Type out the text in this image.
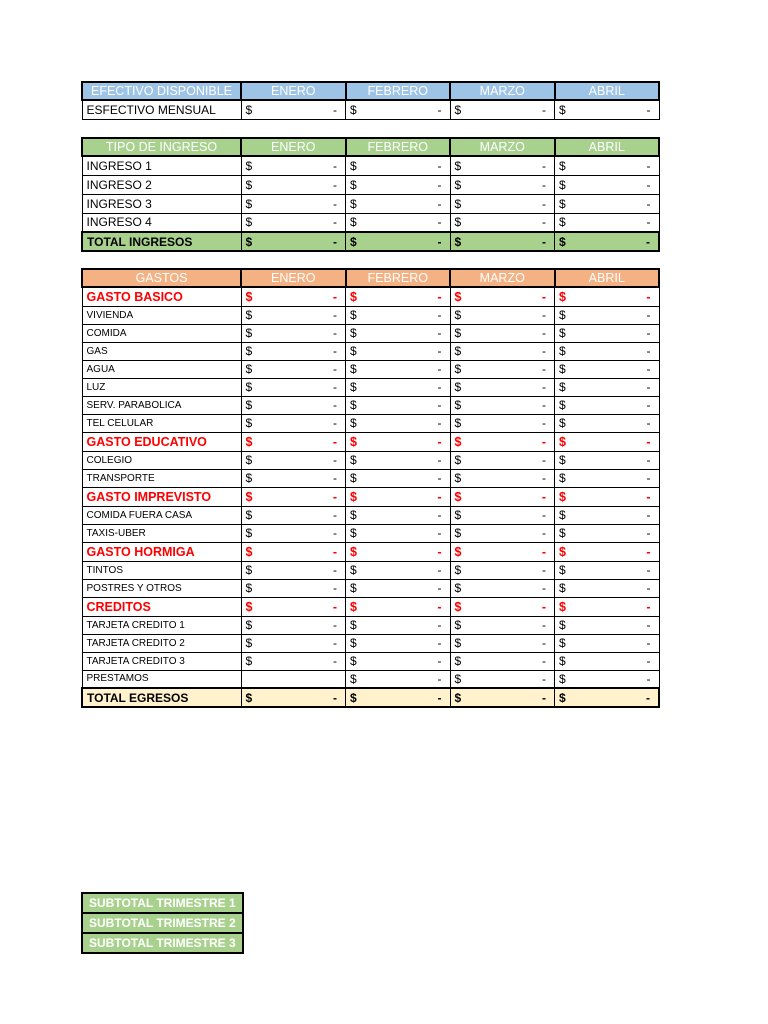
EFECTIVO DISPONIBLE	ENERO	FEBRERO	MARZO	ABRIL
ESFECTIVO MENSUAL	$ -	$ -	$ -	$ -
TIPO DE INGRESO	ENERO	FEBRERO	MARZO	ABRIL
INGRESO 1	$ -	$ -	$ -	$ -

INGRESO 2	$ -	$ -	$ -	$ -

INGRESO 3	$ -	$ -	$ -	$ -

INGRESO 4	$ -	$ -	$ -	$ -

TOTAL INGRESOS	$ -	$ -	$ -	$ -
GASTOS	ENERO	FEBRERO	MARZO	ABRIL
GASTO BASICO	$ -	$ -	$ -	$ -

VIVIENDA	$ -	$ -	$ -	$ -

COMIDA	$ -	$ -	$ -	$ -

GAS	$ -	$ -	$ -	$ -

AGUA	$ -	$ -	$ -	$ -

LUZ	$ -	$ -	$ -	$ -

SERV. PARABOLICA	$ -	$ -	$ -	$ -

TEL CELULAR	$ -	$ -	$ -	$ -

GASTO EDUCATIVO	$ -	$ -	$ -	$ -

COLEGIO	$ -	$ -	$ -	$ -

TRANSPORTE	$ -	$ -	$ -	$ -

GASTO IMPREVISTO	$ -	$ -	$ -	$ -

COMIDA FUERA CASA	$ -	$ -	$ -	$ -

TAXIS-UBER	$ -	$ -	$ -	$ -

GASTO HORMIGA	$ -	$ -	$ -	$ -

TINTOS	$ -	$ -	$ -	$ -

POSTRES Y OTROS	$ -	$ -	$ -	$ -

CREDITOS	$ -	$ -	$ -	$ -

TARJETA CREDITO 1	$ -	$ -	$ -	$ -

TARJETA CREDITO 2	$ -	$ -	$ -	$ -

TARJETA CREDITO 3	$ -	$ -	$ -	$ -

PRESTAMOS		$ -	$ -	$ -

TOTAL EGRESOS	$ -	$ -	$ -	$ -
SUBTOTAL TRIMESTRE 1
SUBTOTAL TRIMESTRE 2
SUBTOTAL TRIMESTRE 3
